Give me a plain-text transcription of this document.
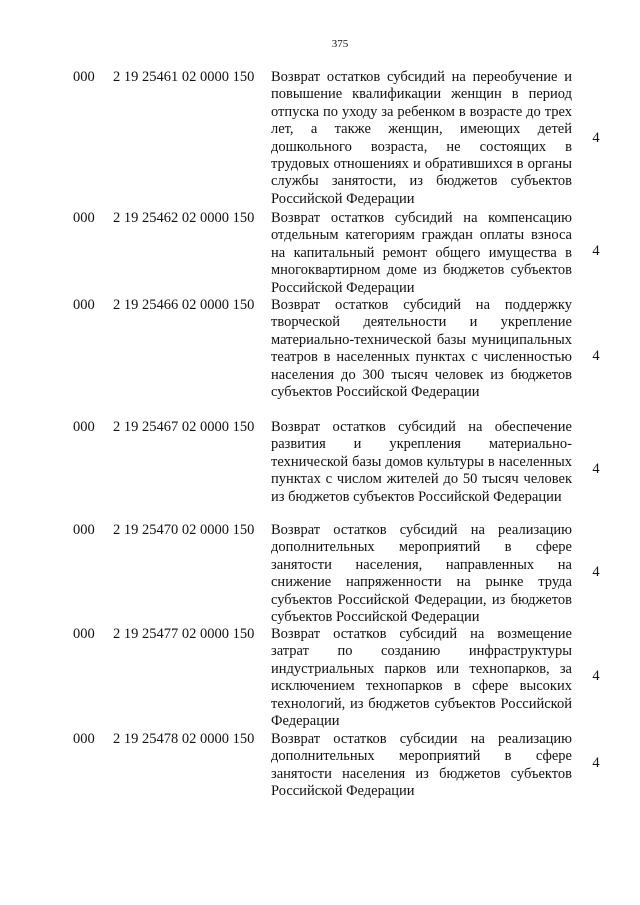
375
000 2 19 25461 02 0000 150 Возврат остатков субсидий на переобучение и повышение квалификации женщин в период отпуска по уходу за ребенком в возрасте до трех лет, а также женщин, имеющих детей дошкольного возраста, не состоящих в трудовых отношениях и обратившихся в органы службы занятости, из бюджетов субъектов Российской Федерации
4
000 2 19 25462 02 0000 150 Возврат остатков субсидий на компенсацию отдельным категориям граждан оплаты взноса на капитальный ремонт общего имущества в многоквартирном доме из бюджетов субъектов Российской Федерации
4
000 2 19 25466 02 0000 150 Возврат остатков субсидий на поддержку творческой деятельности и укрепление материально-технической базы муниципальных театров в населенных пунктах с численностью населения до 300 тысяч человек из бюджетов субъектов Российской Федерации
4
000 2 19 25467 02 0000 150 Возврат остатков субсидий на обеспечение развития и укрепления материально-технической базы домов культуры в населенных пунктах с числом жителей до 50 тысяч человек из бюджетов субъектов Российской Федерации
4
000 2 19 25470 02 0000 150 Возврат остатков субсидий на реализацию дополнительных мероприятий в сфере занятости населения, направленных на снижение напряженности на рынке труда субъектов Российской Федерации, из бюджетов субъектов Российской Федерации
4
000 2 19 25477 02 0000 150 Возврат остатков субсидий на возмещение затрат по созданию инфраструктуры индустриальных парков или технопарков, за исключением технопарков в сфере высоких технологий, из бюджетов субъектов Российской Федерации
4
000 2 19 25478 02 0000 150 Возврат остатков субсидии на реализацию дополнительных мероприятий в сфере занятости населения из бюджетов субъектов Российской Федерации
4
